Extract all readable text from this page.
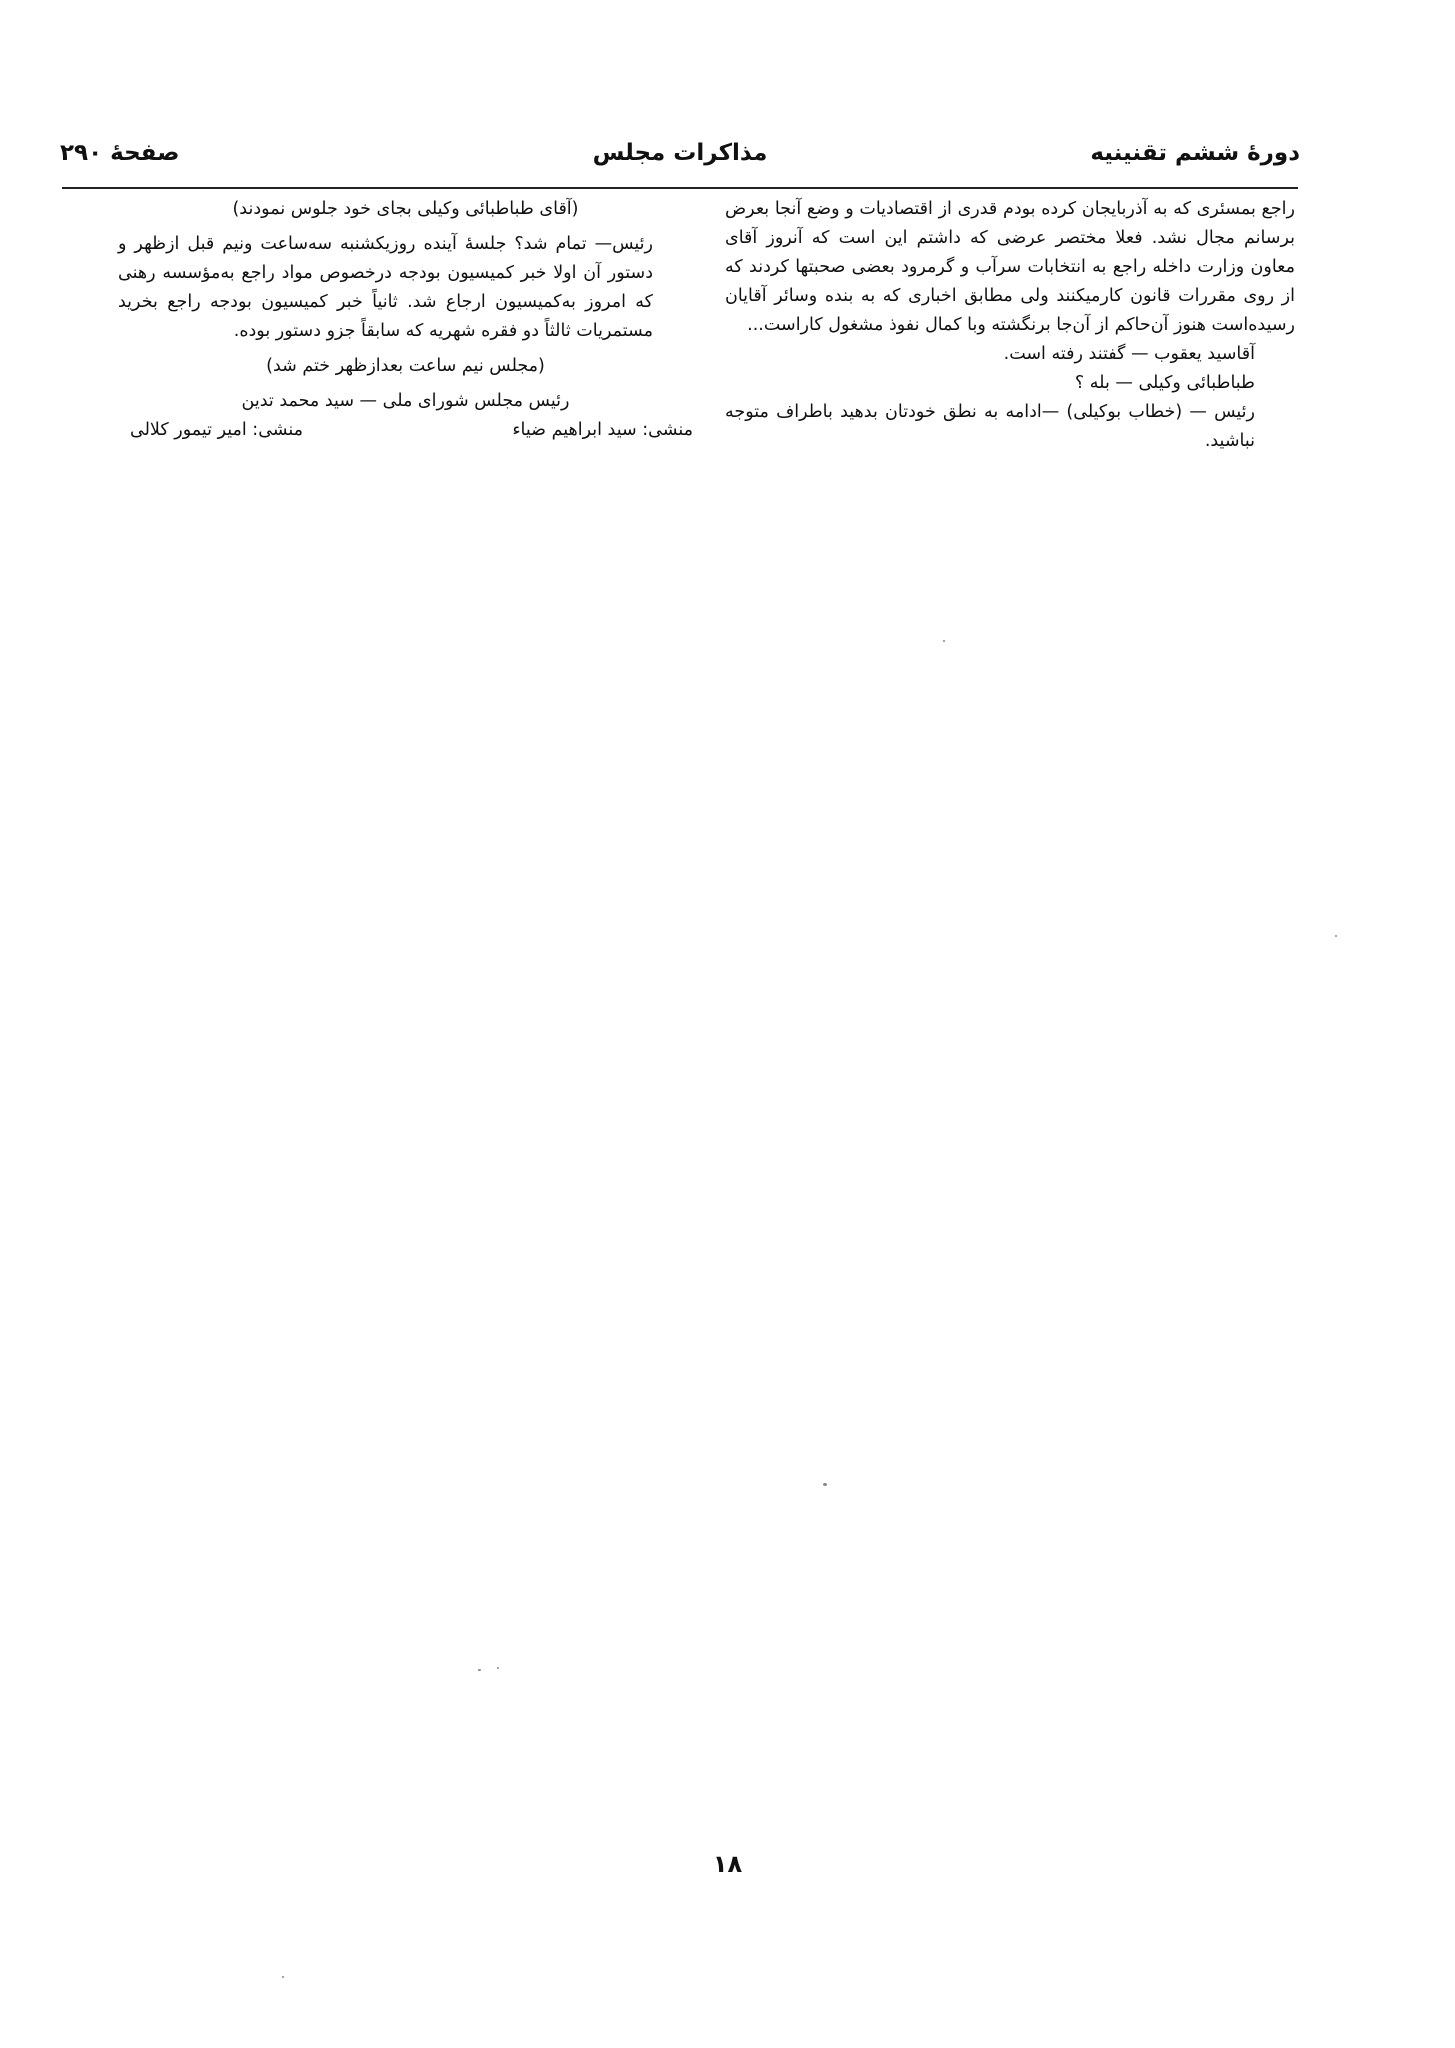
دورهٔ ششم تقنینیه
مذاکرات مجلس
صفحهٔ ۲۹۰

راجع بمسئری که به آذربایجان کرده بودم قدری از اقتصادیات و وضع آنجا بعرض برسانم مجال نشد. فعلا مختصر عرضی که داشتم این است که آنروز آقای معاون وزارت داخله راجع به انتخابات سرآب و گرمرود بعضی صحبتها کردند که از روی مقررات قانون کارمیکنند ولی مطابق اخباری که به بنده وسائر آقایان رسیده‌است هنوز آن‌حاکم از آن‌جا برنگشته وبا کمال نفوذ مشغول کاراست...

آقاسید یعقوب — گفتند رفته است.

طباطبائی وکیلی — بله ؟

رئیس — (خطاب بوکیلی) —ادامه به نطق خودتان بدهید باطراف متوجه نباشید.

(آقای طباطبائی وکیلی بجای خود جلوس نمودند)

رئیس— تمام شد؟ جلسهٔ آینده روزیکشنبه سه‌ساعت ونیم قبل ازظهر و دستور آن اولا خبر کمیسیون بودجه درخصوص مواد راجع به‌مؤسسه رهنی که امروز به‌کمیسیون ارجاع شد. ثانیاً خبر کمیسیون بودجه راجع بخرید مستمریات ثالثاً دو فقره شهریه که سابقاً جزو دستور بوده.

(مجلس نیم ساعت بعدازظهر ختم شد)

رئیس مجلس شورای ملی — سید محمد تدین

منشی: سید ابراهیم ضیاء
منشی: امیر تیمور کلالی
۱۸
